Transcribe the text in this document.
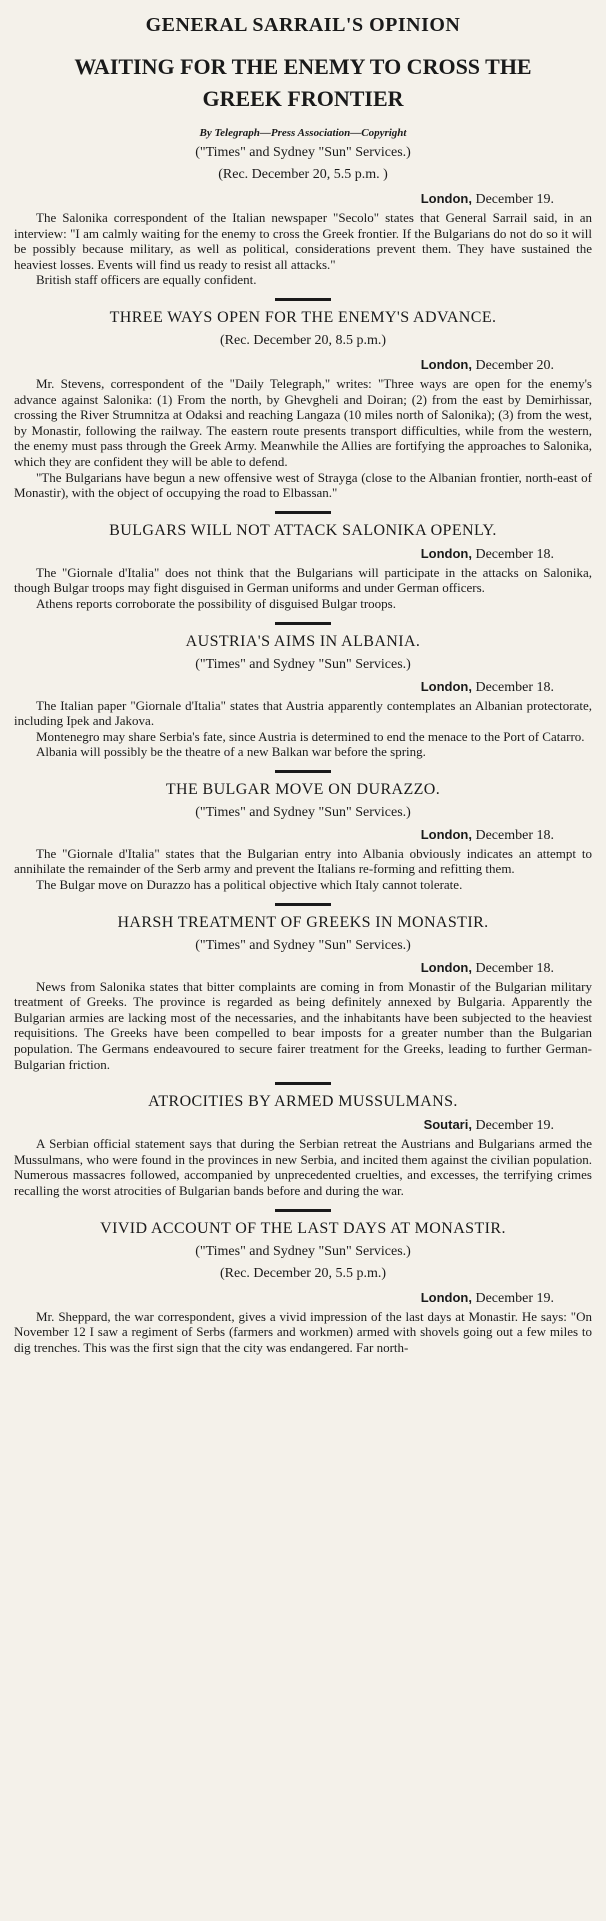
GENERAL SARRAIL'S OPINION
WAITING FOR THE ENEMY TO CROSS THE GREEK FRONTIER
By Telegraph—Press Association—Copyright
("Times" and Sydney "Sun" Services.)
(Rec. December 20, 5.5 p.m. )
London, December 19.

The Salonika correspondent of the Italian newspaper "Secolo" states that General Sarrail said, in an interview: "I am calmly waiting for the enemy to cross the Greek frontier. If the Bulgarians do not do so it will be possibly because military, as well as political, considerations prevent them. They have sustained the heaviest losses. Events will find us ready to resist all attacks."

British staff officers are equally confident.

THREE WAYS OPEN FOR THE ENEMY'S ADVANCE.
(Rec. December 20, 8.5 p.m.)
London, December 20.

Mr. Stevens, correspondent of the "Daily Telegraph," writes: "Three ways are open for the enemy's advance against Salonika: (1) From the north, by Ghevgheli and Doiran; (2) from the east by Demirhissar, crossing the River Strumnitza at Odaksi and reaching Langaza (10 miles north of Salonika); (3) from the west, by Monastir, following the railway. The eastern route presents transport difficulties, while from the western, the enemy must pass through the Greek Army. Meanwhile the Allies are fortifying the approaches to Salonika, which they are confident they will be able to defend.

"The Bulgarians have begun a new offensive west of Strayga (close to the Albanian frontier, north-east of Monastir), with the object of occupying the road to Elbassan."

BULGARS WILL NOT ATTACK SALONIKA OPENLY.
London, December 18.

The "Giornale d'Italia" does not think that the Bulgarians will participate in the attacks on Salonika, though Bulgar troops may fight disguised in German uniforms and under German officers.

Athens reports corroborate the possibility of disguised Bulgar troops.

AUSTRIA'S AIMS IN ALBANIA.
("Times" and Sydney "Sun" Services.)
London, December 18.

The Italian paper "Giornale d'Italia" states that Austria apparently contemplates an Albanian protectorate, including Ipek and Jakova.

Montenegro may share Serbia's fate, since Austria is determined to end the menace to the Port of Catarro.

Albania will possibly be the theatre of a new Balkan war before the spring.

THE BULGAR MOVE ON DURAZZO.
("Times" and Sydney "Sun" Services.)
London, December 18.

The "Giornale d'Italia" states that the Bulgarian entry into Albania obviously indicates an attempt to annihilate the remainder of the Serb army and prevent the Italians re-forming and refitting them.

The Bulgar move on Durazzo has a political objective which Italy cannot tolerate.

HARSH TREATMENT OF GREEKS IN MONASTIR.
("Times" and Sydney "Sun" Services.)
London, December 18.

News from Salonika states that bitter complaints are coming in from Monastir of the Bulgarian military treatment of Greeks. The province is regarded as being definitely annexed by Bulgaria. Apparently the Bulgarian armies are lacking most of the necessaries, and the inhabitants have been subjected to the heaviest requisitions. The Greeks have been compelled to bear imposts for a greater number than the Bulgarian population. The Germans endeavoured to secure fairer treatment for the Greeks, leading to further German-Bulgarian friction.

ATROCITIES BY ARMED MUSSULMANS.
Soutari, December 19.

A Serbian official statement says that during the Serbian retreat the Austrians and Bulgarians armed the Mussulmans, who were found in the provinces in new Serbia, and incited them against the civilian population. Numerous massacres followed, accompanied by unprecedented cruelties, and excesses, the terrifying crimes recalling the worst atrocities of Bulgarian bands before and during the war.

VIVID ACCOUNT OF THE LAST DAYS AT MONASTIR.
("Times" and Sydney "Sun" Services.)
(Rec. December 20, 5.5 p.m.)
London, December 19.

Mr. Sheppard, the war correspondent, gives a vivid impression of the last days at Monastir. He says: "On November 12 I saw a regiment of Serbs (farmers and workmen) armed with shovels going out a few miles to dig trenches. This was the first sign that the city was endangered. Far north-
